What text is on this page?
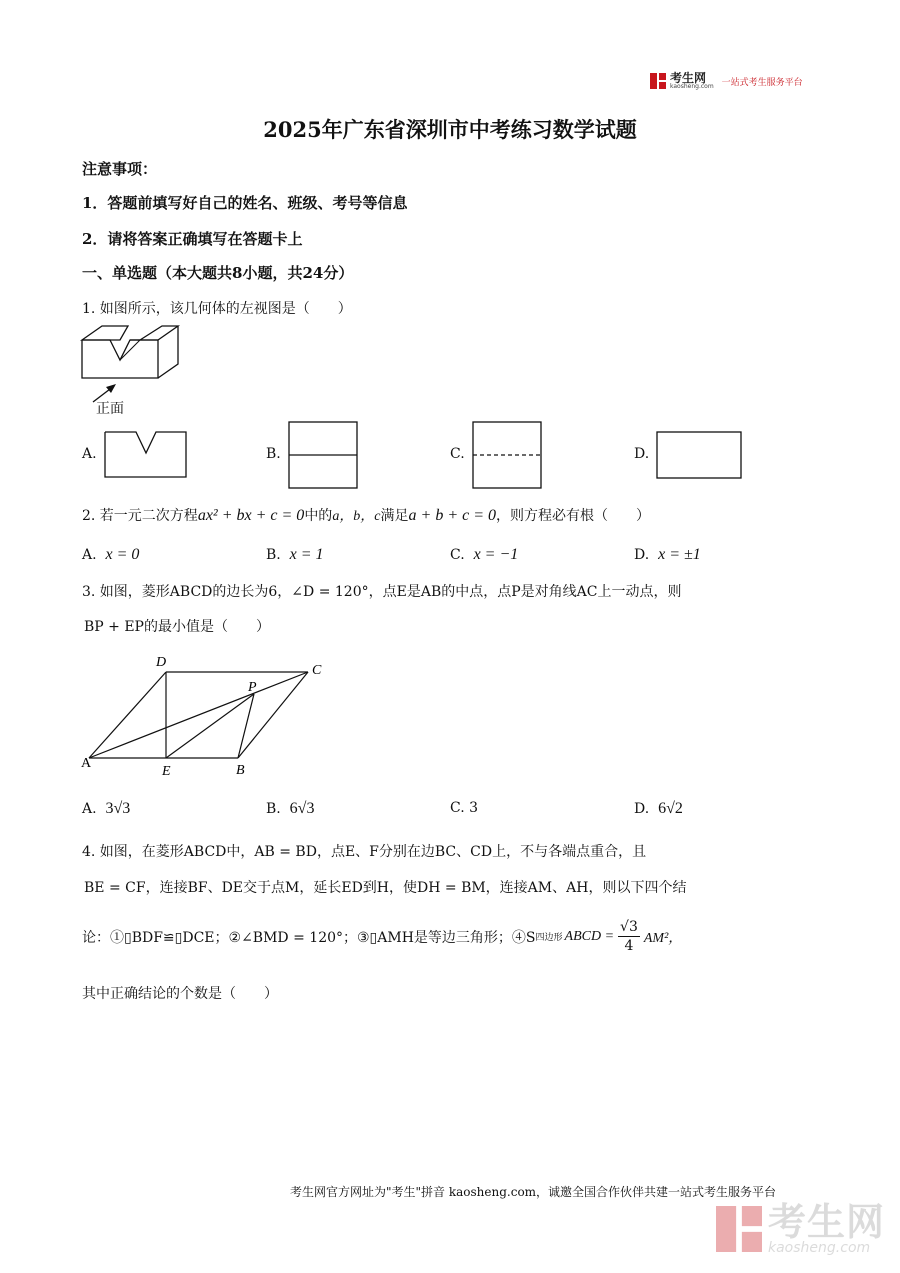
考生网
kaosheng.com 一站式考生服务平台
2025年广东省深圳市中考练习数学试题
注意事项：
1．答题前填写好自己的姓名、班级、考号等信息
2．请将答案正确填写在答题卡上
一、单选题（本大题共8小题，共24分）
1. 如图所示，该几何体的左视图是（　　）
正面
A.	B.	C.	D.
2. 若一元二次方程ax² + bx + c = 0中的a，b，c满足a + b + c = 0，则方程必有根（　　）
A. x = 0	B. x = 1	C. x = −1	D. x = ±1
3. 如图，菱形ABCD的边长为6，∠D = 120°，点E是AB的中点，点P是对角线AC上一动点，则
BP + EP的最小值是（　　）
A	B
C
D
E
P
A. 3√3	B. 6√3	C. 3	D. 6√2
4. 如图，在菱形ABCD中，AB = BD，点E、F分别在边BC、CD上，不与各端点重合，且
BE = CF，连接BF、DE交于点M，延长ED到H，使DH = BM，连接AM、AH，则以下四个结
论：①▯BDF≌▯DCE；②∠BMD = 120°；③▯AMH是等边三角形；④S 四边形 ABCD = $\frac{√3}{4} AM^2$，
其中正确结论的个数是（　　）
考生网官方网址为"考生"拼音 kaosheng.com，诚邀全国合作伙伴共建一站式考生服务平台
考生网
kaosheng.com
